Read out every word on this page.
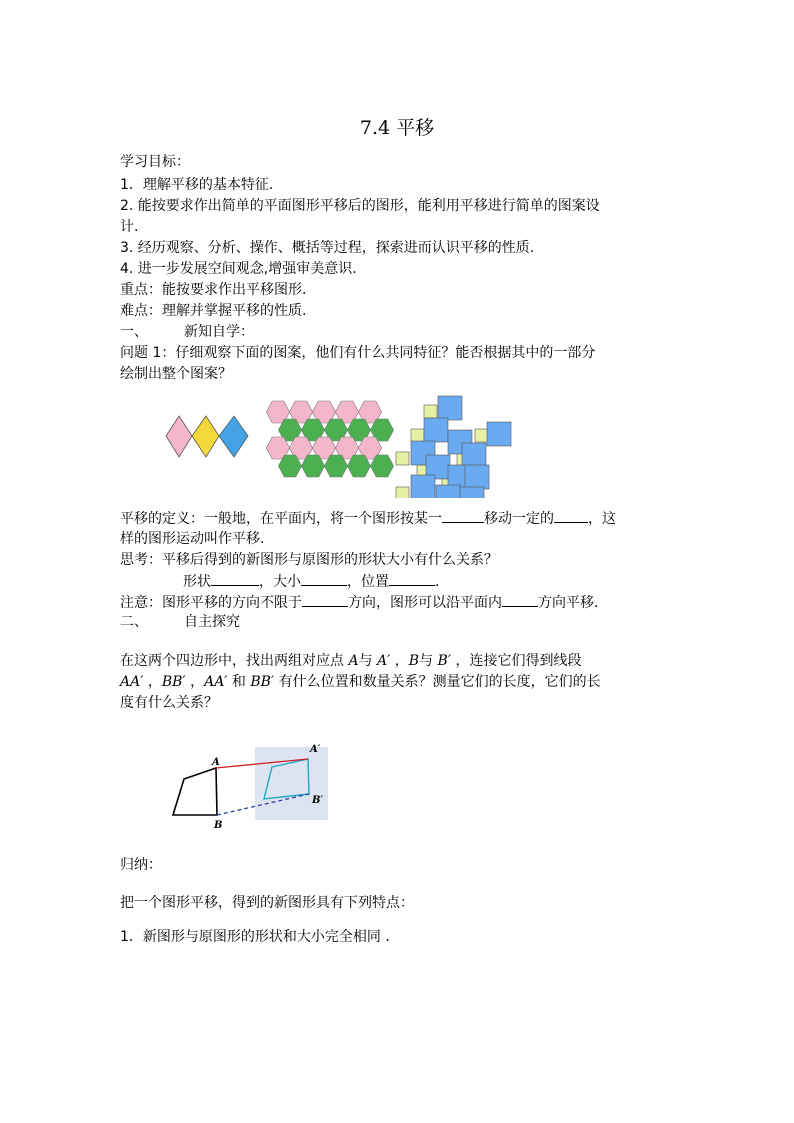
7.4 平移
学习目标：
1．理解平移的基本特征.
2. 能按要求作出简单的平面图形平移后的图形，能利用平移进行简单的图案设
计.
3. 经历观察、分析、操作、概括等过程，探索进而认识平移的性质.
4. 进一步发展空间观念,增强审美意识.
重点：能按要求作出平移图形.
难点：理解并掌握平移的性质.
一、	新知自学：
问题 1：仔细观察下面的图案，他们有什么共同特征？能否根据其中的一部分
绘制出整个图案？
平移的定义：一般地，在平面内，将一个图形按某一	移动一定的 ，这
样的图形运动叫作平移.
思考：平移后得到的新图形与原图形的形状大小有什么关系？
形状	，大小	，位置	.
注意：图形平移的方向不限于	方向，图形可以沿平面内	方向平移.
二、	自主探究
在这两个四边形中，找出两组对应点 A与 A′ ，B与 B′ ，连接它们得到线段
AA′ ，BB′ ，AA′ 和 BB′ 有什么位置和数量关系？测量它们的长度，它们的长
度有什么关系？
A
B
A′
B′
归纳：
把一个图形平移，得到的新图形具有下列特点：
1．新图形与原图形的形状和大小完全相同 .
